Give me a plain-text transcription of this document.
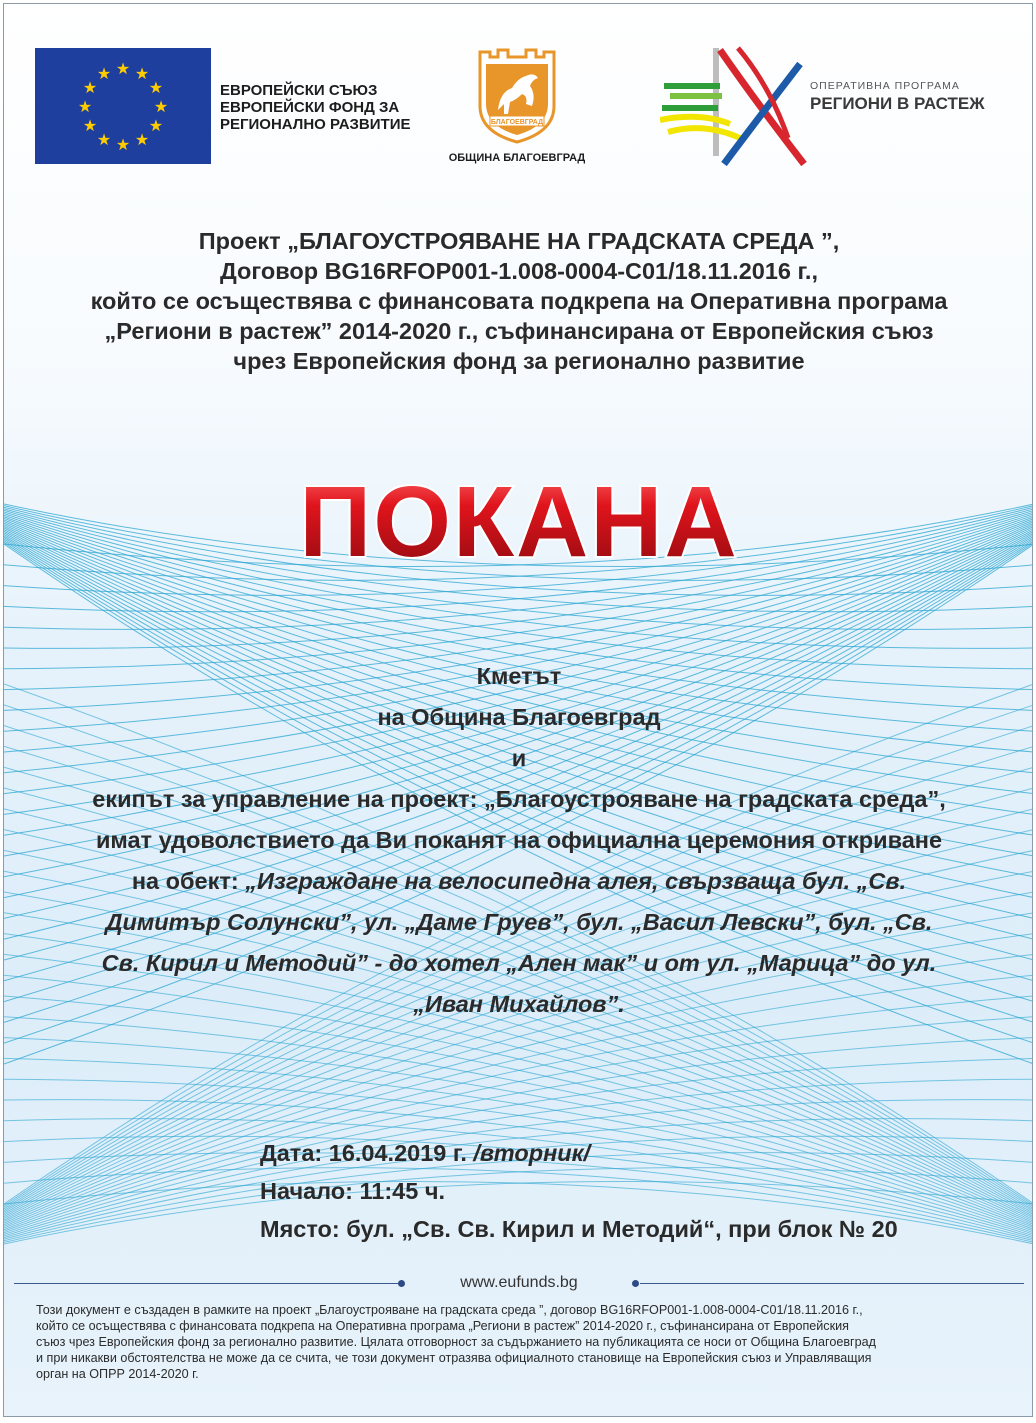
★ ★
★
★
★
★
★
★
★
★
★
★
ЕВРОПЕЙСКИ СЪЮЗ
ЕВРОПЕЙСКИ ФОНД ЗА
РЕГИОНАЛНО РАЗВИТИЕ	БЛАГОЕВГРАД
ОБЩИНА БЛАГОЕВГРАД
ОПЕРАТИВНА ПРОГРАМА
РЕГИОНИ В РАСТЕЖ
Проект „БЛАГОУСТРОЯВАНЕ НА ГРАДСКАТА СРЕДА ”,
Договор BG16RFOP001-1.008-0004-C01/18.11.2016 г.,
който се осъществява с финансовата подкрепа на Оперативна програма
„Региони в растеж” 2014-2020 г., съфинансирана от Европейския съюз
чрез Европейския фонд за регионално развитие
ПОКАНА
Кметът
на Община Благоевград
и
екипът за управление на проект: „Благоустрояване на градската среда”,
имат удоволствието да Ви поканят на официална церемония откриване
на обект: „Изграждане на велосипедна алея, свързваща бул. „Св.
Димитър Солунски”, ул. „Даме Груев”, бул. „Васил Левски”, бул. „Св.
Св. Кирил и Методий” - до хотел „Ален мак” и от ул. „Марица” до ул.
„Иван Михайлов”.
Дата: 16.04.2019 г. /вторник/
Начало: 11:45 ч.
Място: бул. „Св. Св. Кирил и Методий“, при блок № 20
www.eufunds.bg
Този документ е създаден в рамките на проект „Благоустрояване на градската среда ”, договор BG16RFOP001-1.008-0004-C01/18.11.2016 г.,
който се осъществява с финансовата подкрепа на Оперативна програма „Региони в растеж” 2014-2020 г., съфинансирана от Европейския
съюз чрез Европейския фонд за регионално развитие. Цялата отговорност за съдържанието на публикацията се носи от Община Благоевград
и при никакви обстоятелства не може да се счита, че този документ отразява официалното становище на Европейския съюз и Управляващия
орган на ОПРР 2014-2020 г.
